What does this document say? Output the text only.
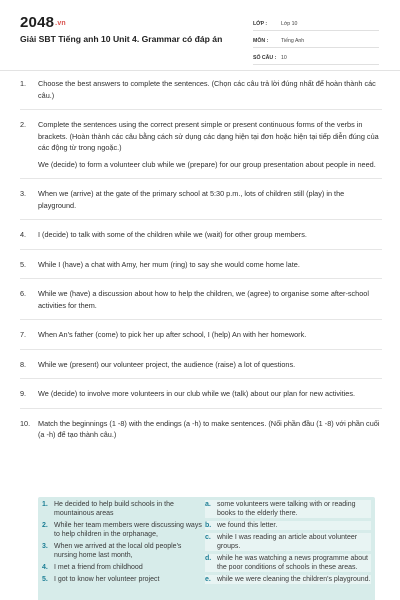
2048.vn
Giải SBT Tiếng anh 10 Unit 4. Grammar có đáp án
LỚP :	Lớp 10
MÔN :	Tiếng Anh
SỐ CÂU : 10
1.	Choose the best answers to complete the sentences. (Chọn các câu trả lời đúng nhất để hoàn thành các câu.)
2.	Complete the sentences using the correct present simple or present continuous forms of the verbs in brackets. (Hoàn thành các câu bằng cách sử dụng các dạng hiện tại đơn hoặc hiện tại tiếp diễn đúng của các động từ trong ngoặc.)
We (decide) to form a volunteer club while we (prepare) for our group presentation about people in need.
3.	When we (arrive) at the gate of the primary school at 5:30 p.m., lots of children still (play) in the playground.
4.	I (decide) to talk with some of the children while we (wait) for other group members.
5.	While I (have) a chat with Amy, her mum (ring) to say she would come home late.
6.	While we (have) a discussion about how to help the children, we (agree) to organise some after-school activities for them.
7.	When An's father (come) to pick her up after school, I (help) An with her homework.
8.	While we (present) our volunteer project, the audience (raise) a lot of questions.
9.	We (decide) to involve more volunteers in our club while we (talk) about our plan for new activities.
10.	Match the beginnings (1 -8) with the endings (a -h) to make sentences. (Nối phần đầu (1 -8) với phần cuối (a -h) để tạo thành câu.)
1. He decided to help build schools in the mountainous areas
2. While her team members were discussing ways to help children in the orphanage,
3. When we arrived at the local old people's nursing home last month,
4. I met a friend from childhood
5. I got to know her volunteer project
a. some volunteers were talking with or reading books to the elderly there.
b. we found this letter.
c. while I was reading an article about volunteer groups.
d. while he was watching a news programme about the poor conditions of schools in these areas.
e. while we were cleaning the children's playground.
